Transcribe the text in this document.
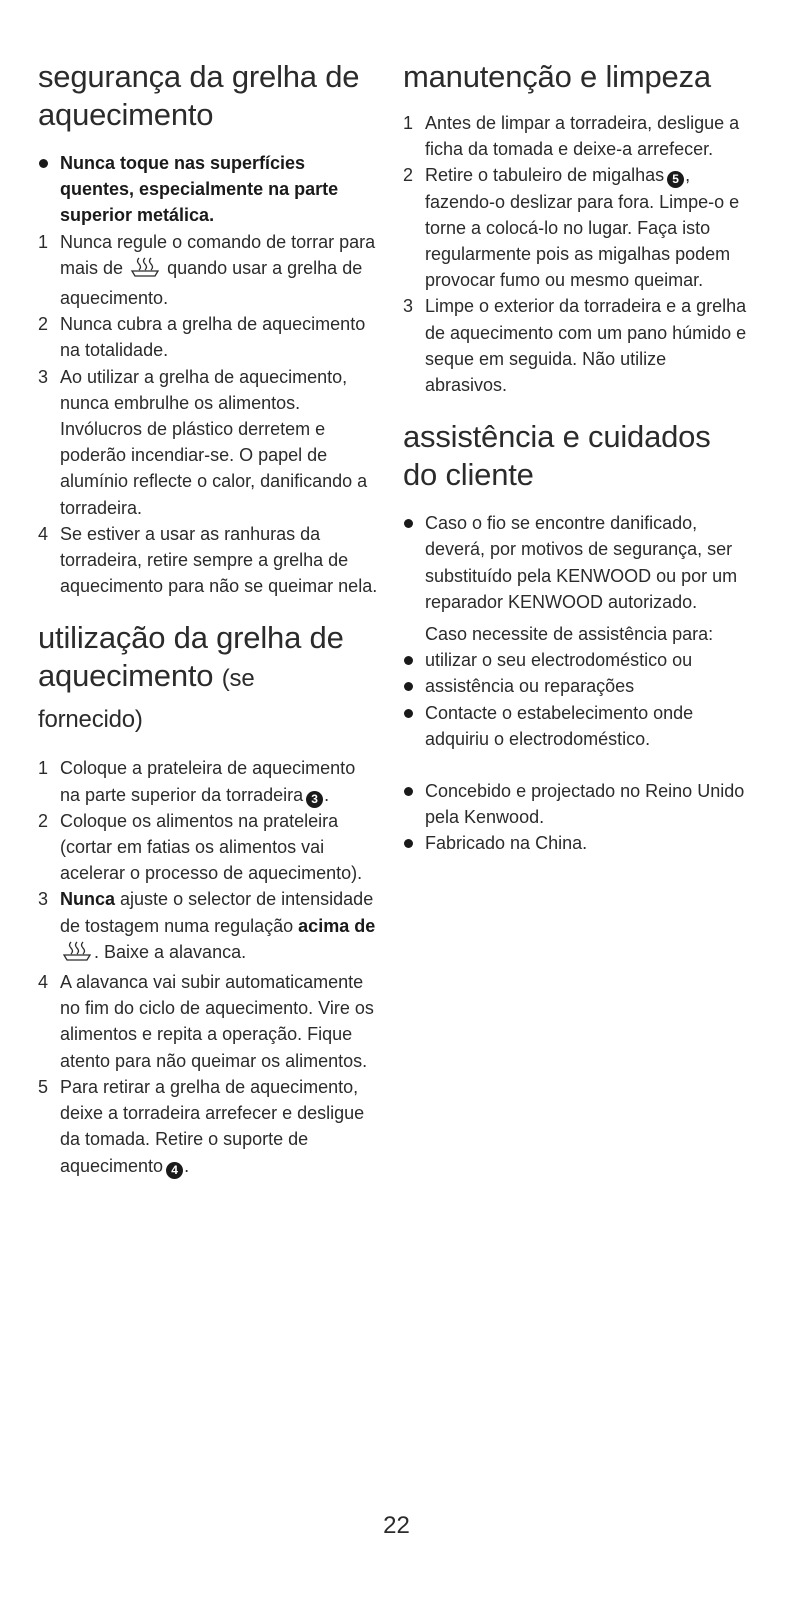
segurança da grelha de
aquecimento
Nunca toque nas superfícies quentes, especialmente na parte superior metálica.
1 Nunca regule o comando de torrar para mais de quando usar a grelha de aquecimento.
2 Nunca cubra a grelha de aquecimento na totalidade.
3 Ao utilizar a grelha de aquecimento, nunca embrulhe os alimentos. Invólucros de plástico derretem e poderão incendiar-se. O papel de alumínio reflecte o calor, danificando a torradeira.
4 Se estiver a usar as ranhuras da torradeira, retire sempre a grelha de aquecimento para não se queimar nela.
utilização da grelha de
aquecimento (se
fornecido)
1 Coloque a prateleira de aquecimento na parte superior da torradeira 3 .
2 Coloque os alimentos na prateleira (cortar em fatias os alimentos vai acelerar o processo de aquecimento).
3 Nunca ajuste o selector de intensidade de tostagem numa regulação acima de . Baixe a alavanca.
4 A alavanca vai subir automaticamente no fim do ciclo de aquecimento. Vire os alimentos e repita a operação. Fique atento para não queimar os alimentos.
5 Para retirar a grelha de aquecimento, deixe a torradeira arrefecer e desligue da tomada. Retire o suporte de aquecimento 4 .
manutenção e limpeza
1 Antes de limpar a torradeira, desligue a ficha da tomada e deixe-a arrefecer.
2 Retire o tabuleiro de migalhas 5 , fazendo-o deslizar para fora. Limpe-o e torne a colocá-lo no lugar. Faça isto regularmente pois as migalhas podem provocar fumo ou mesmo queimar.
3 Limpe o exterior da torradeira e a grelha de aquecimento com um pano húmido e seque em seguida. Não utilize abrasivos.
assistência e cuidados
do cliente
Caso o fio se encontre danificado, deverá, por motivos de segurança, ser substituído pela KENWOOD ou por um reparador KENWOOD autorizado.

Caso necessite de assistência para:

utilizar o seu electrodoméstico ou
assistência ou reparações
Contacte o estabelecimento onde adquiriu o electrodoméstico.
Concebido e projectado no Reino Unido pela Kenwood.
Fabricado na China.
22
